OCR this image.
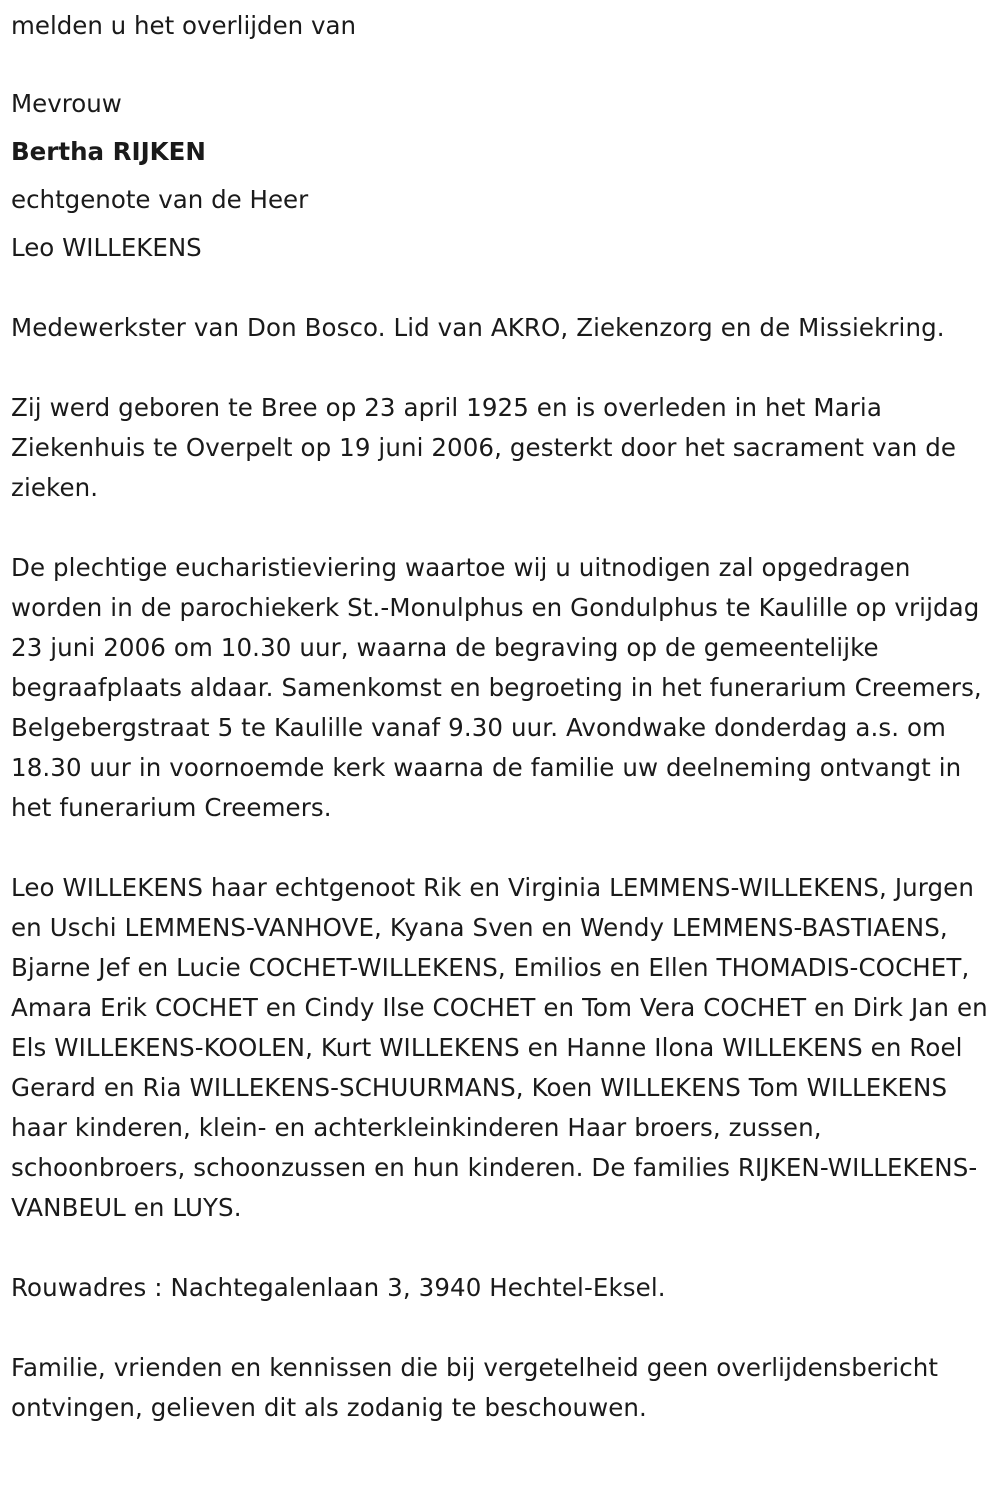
melden u het overlijden van

Mevrouw

Bertha RIJKEN

echtgenote van de Heer

Leo WILLEKENS

Medewerkster van Don Bosco. Lid van AKRO, Ziekenzorg en de Missiekring.

Zij werd geboren te Bree op 23 april 1925 en is overleden in het Maria Ziekenhuis te Overpelt op 19 juni 2006, gesterkt door het sacrament van de zieken.

De plechtige eucharistieviering waartoe wij u uitnodigen zal opgedragen worden in de parochiekerk St.-Monulphus en Gondulphus te Kaulille op vrijdag 23 juni 2006 om 10.30 uur, waarna de begraving op de gemeentelijke begraafplaats aldaar. Samenkomst en begroeting in het funerarium Creemers, Belgebergstraat 5 te Kaulille vanaf 9.30 uur. Avondwake donderdag a.s. om 18.30 uur in voornoemde kerk waarna de familie uw deelneming ontvangt in het funerarium Creemers.

Leo WILLEKENS haar echtgenoot Rik en Virginia LEMMENS-WILLEKENS, Jurgen en Uschi LEMMENS-VANHOVE, Kyana Sven en Wendy LEMMENS-BASTIAENS, Bjarne Jef en Lucie COCHET-WILLEKENS, Emilios en Ellen THOMADIS-COCHET, Amara Erik COCHET en Cindy Ilse COCHET en Tom Vera COCHET en Dirk Jan en Els WILLEKENS-KOOLEN, Kurt WILLEKENS en Hanne Ilona WILLEKENS en Roel Gerard en Ria WILLEKENS-SCHUURMANS, Koen WILLEKENS Tom WILLEKENS haar kinderen, klein- en achterkleinkinderen Haar broers, zussen, schoonbroers, schoonzussen en hun kinderen. De families RIJKEN-WILLEKENS-VANBEUL en LUYS.

Rouwadres : Nachtegalenlaan 3, 3940 Hechtel-Eksel.

Familie, vrienden en kennissen die bij vergetelheid geen overlijdensbericht ontvingen, gelieven dit als zodanig te beschouwen.
